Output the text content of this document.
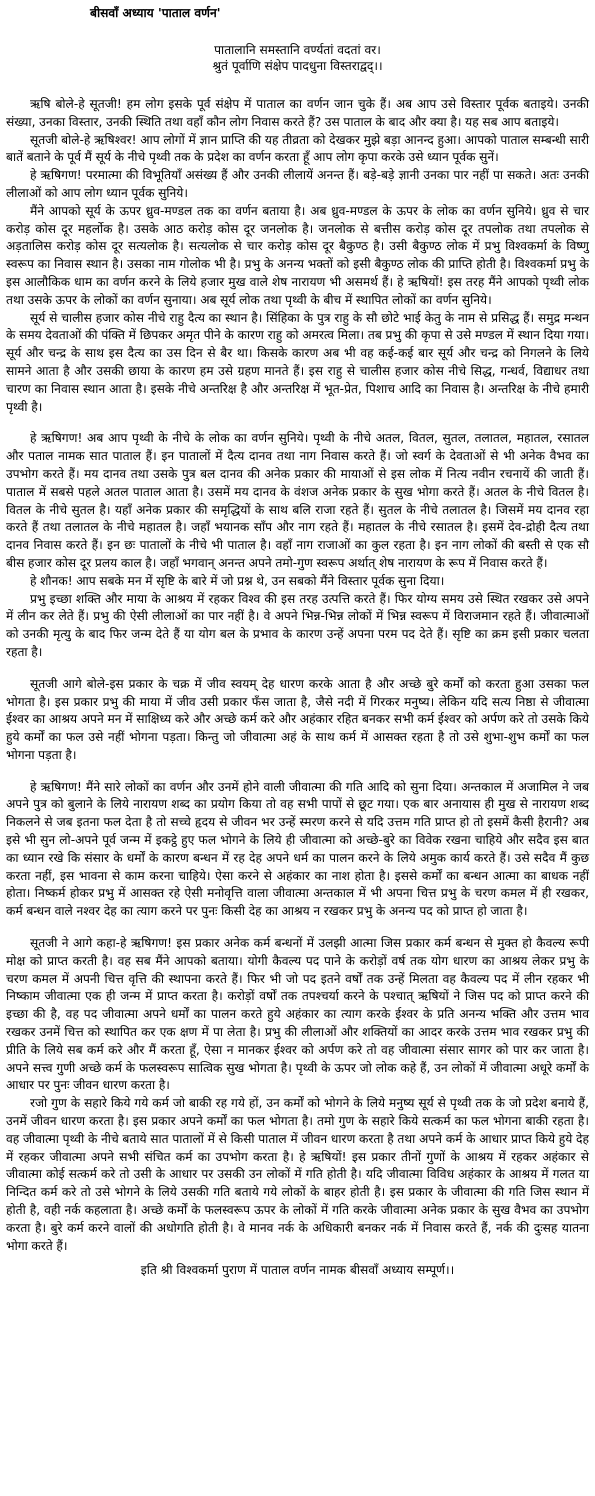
बीसवाँ अध्याय 'पाताल वर्णन'
पातालानि समस्तानि वर्ण्यतां वदतां वर।
श्रुतं पूर्वाणि संक्षेप पादधुना विस्तराद्वद्।।

ऋषि बोले-हे सूतजी! हम लोग इसके पूर्व संक्षेप में पाताल का वर्णन जान चुके हैं। अब आप उसे विस्तार पूर्वक बताइये। उनकी संख्या, उनका विस्तार, उनकी स्थिति तथा वहाँ कौन लोग निवास करते हैं? उस पाताल के बाद और क्या है। यह सब आप बताइये।

सूतजी बोले-हे ऋषिश्वर! आप लोगों में ज्ञान प्राप्ति की यह तीव्रता को देखकर मुझे बड़ा आनन्द हुआ। आपको पाताल सम्बन्धी सारी बातें बताने के पूर्व मैं सूर्य के नीचे पृथ्वी तक के प्रदेश का वर्णन करता हूँ आप लोग कृपा करके उसे ध्यान पूर्वक सुनें।

हे ऋषिगण! परमात्मा की विभूतियाँ असंख्य हैं और उनकी लीलायें अनन्त हैं। बड़े-बड़े ज्ञानी उनका पार नहीं पा सकते। अतः उनकी लीलाओं को आप लोग ध्यान पूर्वक सुनिये।

मैंने आपको सूर्य के ऊपर ध्रुव-मण्डल तक का वर्णन बताया है। अब ध्रुव-मण्डल के ऊपर के लोक का वर्णन सुनिये। ध्रुव से चार करोड़ कोस दूर महर्लोक है। उसके आठ करोड़ कोस दूर जनलोक है। जनलोक से बत्तीस करोड़ कोस दूर तपलोक तथा तपलोक से अड़तालिस करोड़ कोस दूर सत्यलोक है। सत्यलोक से चार करोड़ कोस दूर बैकुण्ठ है। उसी बैकुण्ठ लोक में प्रभु विश्वकर्मा के विष्णु स्वरूप का निवास स्थान है। उसका नाम गोलोक भी है। प्रभु के अनन्य भक्तों को इसी बैकुण्ठ लोक की प्राप्ति होती है। विश्वकर्मा प्रभु के इस आलौकिक धाम का वर्णन करने के लिये हजार मुख वाले शेष नारायण भी असमर्थ हैं। हे ऋषियों! इस तरह मैंने आपको पृथ्वी लोक तथा उसके ऊपर के लोकों का वर्णन सुनाया। अब सूर्य लोक तथा पृथ्वी के बीच में स्थापित लोकों का वर्णन सुनिये।

सूर्य से चालीस हजार कोस नीचे राहु दैत्य का स्थान है। सिंहिका के पुत्र राहु के सौ छोटे भाई केतु के नाम से प्रसिद्ध हैं। समुद्र मन्थन के समय देवताओं की पंक्ति में छिपकर अमृत पीने के कारण राहु को अमरत्व मिला। तब प्रभु की कृपा से उसे मण्डल में स्थान दिया गया। सूर्य और चन्द्र के साथ इस दैत्य का उस दिन से बैर था। किसके कारण अब भी वह कई-कई बार सूर्य और चन्द्र को निगलने के लिये सामने आता है और उसकी छाया के कारण हम उसे ग्रहण मानते हैं। इस राहु से चालीस हजार कोस नीचे सिद्ध, गन्धर्व, विद्याधर तथा चारण का निवास स्थान आता है। इसके नीचे अन्तरिक्ष है और अन्तरिक्ष में भूत-प्रेत, पिशाच आदि का निवास है। अन्तरिक्ष के नीचे हमारी पृथ्वी है।

हे ऋषिगण! अब आप पृथ्वी के नीचे के लोक का वर्णन सुनिये। पृथ्वी के नीचे अतल, वितल, सुतल, तलातल, महातल, रसातल और पताल नामक सात पाताल हैं। इन पातालों में दैत्य दानव तथा नाग निवास करते हैं। जो स्वर्ग के देवताओं से भी अनेक वैभव का उपभोग करते हैं। मय दानव तथा उसके पुत्र बल दानव की अनेक प्रकार की मायाओं से इस लोक में नित्य नवीन रचनायें की जाती हैं। पाताल में सबसे पहले अतल पाताल आता है। उसमें मय दानव के वंशज अनेक प्रकार के सुख भोगा करते हैं। अतल के नीचे वितल है। वितल के नीचे सुतल है। यहाँ अनेक प्रकार की समृद्धियों के साथ बलि राजा रहते हैं। सुतल के नीचे तलातल है। जिसमें मय दानव रहा करते हैं तथा तलातल के नीचे महातल है। जहाँ भयानक साँप और नाग रहते हैं। महातल के नीचे रसातल है। इसमें देव-द्रोही दैत्य तथा दानव निवास करते हैं। इन छः पातालों के नीचे भी पाताल है। वहाँ नाग राजाओं का कुल रहता है। इन नाग लोकों की बस्ती से एक सौ बीस हजार कोस दूर प्रलय काल है। जहाँ भगवान् अनन्त अपने तमो-गुण स्वरूप अर्थात् शेष नारायण के रूप में निवास करते हैं।

हे शौनक! आप सबके मन में सृष्टि के बारे में जो प्रश्न थे, उन सबको मैंने विस्तार पूर्वक सुना दिया।

प्रभु इच्छा शक्ति और माया के आश्रय में रहकर विश्व की इस तरह उत्पत्ति करते हैं। फिर योग्य समय उसे स्थित रखकर उसे अपने में लीन कर लेते हैं। प्रभु की ऐसी लीलाओं का पार नहीं है। वे अपने भिन्न-भिन्न लोकों में भिन्न स्वरूप में विराजमान रहते हैं। जीवात्माओं को उनकी मृत्यु के बाद फिर जन्म देते हैं या योग बल के प्रभाव के कारण उन्हें अपना परम पद देते हैं। सृष्टि का क्रम इसी प्रकार चलता रहता है।

सूतजी आगे बोले-इस प्रकार के चक्र में जीव स्वयम् देह धारण करके आता है और अच्छे बुरे कर्मों को करता हुआ उसका फल भोगता है। इस प्रकार प्रभु की माया में जीव उसी प्रकार फँस जाता है, जैसे नदी में गिरकर मनुष्य। लेकिन यदि सत्य निष्ठा से जीवात्मा ईश्वर का आश्रय अपने मन में साक्षिध्य करे और अच्छे कर्म करे और अहंकार रहित बनकर सभी कर्म ईश्वर को अर्पण करे तो उसके किये हुये कर्मों का फल उसे नहीं भोगना पड़ता। किन्तु जो जीवात्मा अहं के साथ कर्म में आसक्त रहता है तो उसे शुभा-शुभ कर्मों का फल भोगना पड़ता है।

हे ऋषिगण! मैंने सारे लोकों का वर्णन और उनमें होने वाली जीवात्मा की गति आदि को सुना दिया। अन्तकाल में अजामिल ने जब अपने पुत्र को बुलाने के लिये नारायण शब्द का प्रयोग किया तो वह सभी पापों से छूट गया। एक बार अनायास ही मुख से नारायण शब्द निकलने से जब इतना फल देता है तो सच्चे हृदय से जीवन भर उन्हें स्मरण करने से यदि उत्तम गति प्राप्त हो तो इसमें कैसी हैरानी? अब इसे भी सुन लो-अपने पूर्व जन्म में इकट्ठे हुए फल भोगने के लिये ही जीवात्मा को अच्छे-बुरे का विवेक रखना चाहिये और सदैव इस बात का ध्यान रखे कि संसार के धर्मों के कारण बन्धन में रह देह अपने धर्म का पालन करने के लिये अमुक कार्य करते हैं। उसे सदैव मैं कुछ करता नहीं, इस भावना से काम करना चाहिये। ऐसा करने से अहंकार का नाश होता है। इससे कर्मों का बन्धन आत्मा का बाधक नहीं होता। निष्कर्म होकर प्रभु में आसक्त रहे ऐसी मनोवृत्ति वाला जीवात्मा अन्तकाल में भी अपना चित्त प्रभु के चरण कमल में ही रखकर, कर्म बन्धन वाले नश्वर देह का त्याग करने पर पुनः किसी देह का आश्रय न रखकर प्रभु के अनन्य पद को प्राप्त हो जाता है।

सूतजी ने आगे कहा-हे ऋषिगण! इस प्रकार अनेक कर्म बन्धनों में उलझी आत्मा जिस प्रकार कर्म बन्धन से मुक्त हो कैवल्य रूपी मोक्ष को प्राप्त करती है। वह सब मैंने आपको बताया। योगी कैवल्य पद पाने के करोड़ों वर्ष तक योग धारण का आश्रय लेकर प्रभु के चरण कमल में अपनी चित्त वृत्ति की स्थापना करते हैं। फिर भी जो पद इतने वर्षों तक उन्हें मिलता वह कैवल्य पद में लीन रहकर भी निष्काम जीवात्मा एक ही जन्म में प्राप्त करता है। करोड़ों वर्षों तक तपश्चर्या करने के पश्चात् ऋषियों ने जिस पद को प्राप्त करने की इच्छा की है, वह पद जीवात्मा अपने धर्मों का पालन करते हुये अहंकार का त्याग करके ईश्वर के प्रति अनन्य भक्ति और उत्तम भाव रखकर उनमें चित्त को स्थापित कर एक क्षण में पा लेता है। प्रभु की लीलाओं और शक्तियों का आदर करके उत्तम भाव रखकर प्रभु की प्रीति के लिये सब कर्म करे और मैं करता हूँ, ऐसा न मानकर ईश्वर को अर्पण करे तो वह जीवात्मा संसार सागर को पार कर जाता है। अपने सत्त्व गुणी अच्छे कर्म के फलस्वरूप सात्विक सुख भोगता है। पृथ्वी के ऊपर जो लोक कहे हैं, उन लोकों में जीवात्मा अधूरे कर्मों के आधार पर पुनः जीवन धारण करता है।

रजो गुण के सहारे किये गये कर्म जो बाकी रह गये हों, उन कर्मों को भोगने के लिये मनुष्य सूर्य से पृथ्वी तक के जो प्रदेश बनाये हैं, उनमें जीवन धारण करता है। इस प्रकार अपने कर्मों का फल भोगता है। तमो गुण के सहारे किये सत्कर्म का फल भोगना बाकी रहता है। वह जीवात्मा पृथ्वी के नीचे बताये सात पातालों में से किसी पाताल में जीवन धारण करता है तथा अपने कर्म के आधार प्राप्त किये हुये देह में रहकर जीवात्मा अपने सभी संचित कर्म का उपभोग करता है। हे ऋषियों! इस प्रकार तीनों गुणों के आश्रय में रहकर अहंकार से जीवात्मा कोई सत्कर्म करे तो उसी के आधार पर उसकी उन लोकों में गति होती है। यदि जीवात्मा विविध अहंकार के आश्रय में गलत या निन्दित कर्म करे तो उसे भोगने के लिये उसकी गति बताये गये लोकों के बाहर होती है। इस प्रकार के जीवात्मा की गति जिस स्थान में होती है, वही नर्क कहलाता है। अच्छे कर्मों के फलस्वरूप ऊपर के लोकों में गति करके जीवात्मा अनेक प्रकार के सुख वैभव का उपभोग करता है। बुरे कर्म करने वालों की अधोगति होती है। वे मानव नर्क के अधिकारी बनकर नर्क में निवास करते हैं, नर्क की दुःसह यातना भोगा करते हैं।

इति श्री विश्वकर्मा पुराण में पाताल वर्णन नामक बीसवाँ अध्याय सम्पूर्ण।।
